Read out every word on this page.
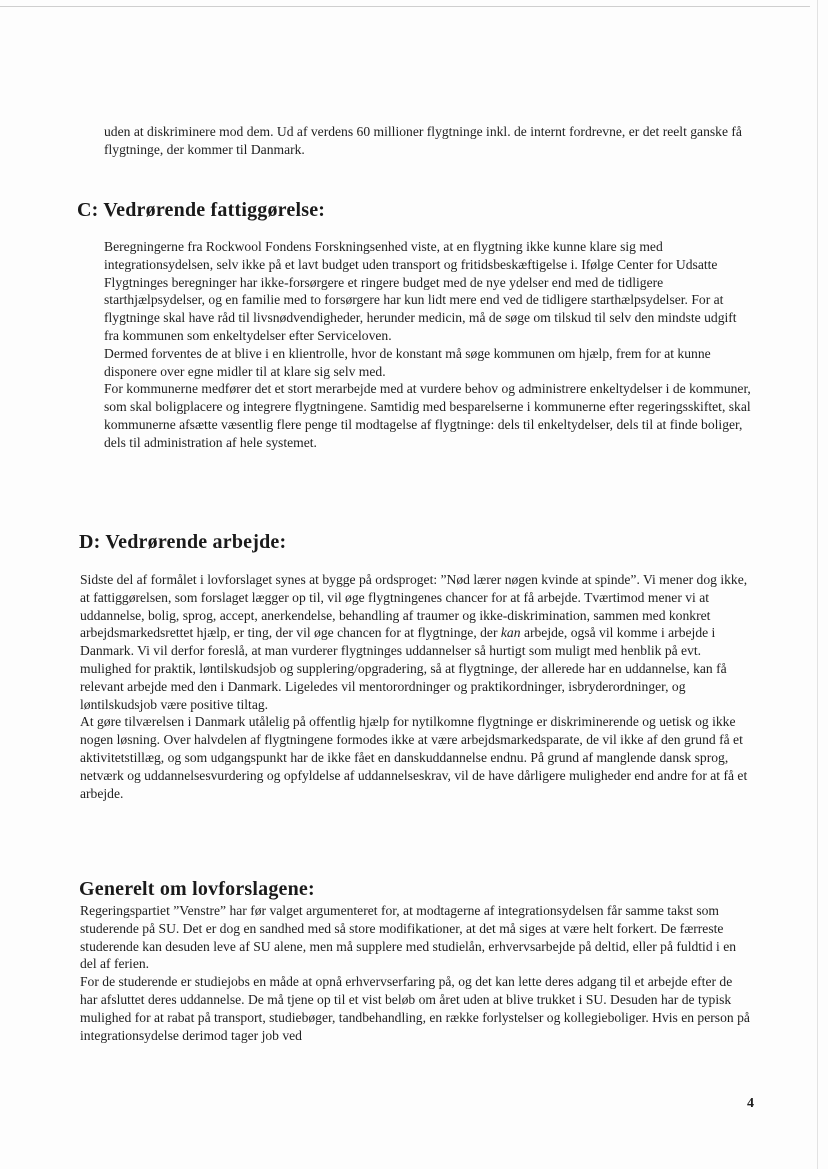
uden at diskriminere mod dem. Ud af verdens 60 millioner flygtninge inkl. de internt fordrevne, er det reelt ganske få flygtninge, der kommer til Danmark.

C: Vedrørende fattiggørelse:

Beregningerne fra Rockwool Fondens Forskningsenhed viste, at en flygtning ikke kunne klare sig med integrationsydelsen, selv ikke på et lavt budget uden transport og fritidsbeskæftigelse i. Ifølge Center for Udsatte Flygtninges beregninger har ikke-forsørgere et ringere budget med de nye ydelser end med de tidligere starthjælpsydelser, og en familie med to forsørgere har kun lidt mere end ved de tidligere starthælpsydelser. For at flygtninge skal have råd til livsnødvendigheder, herunder medicin, må de søge om tilskud til selv den mindste udgift fra kommunen som enkeltydelser efter Serviceloven.

Dermed forventes de at blive i en klientrolle, hvor de konstant må søge kommunen om hjælp, frem for at kunne disponere over egne midler til at klare sig selv med.

For kommunerne medfører det et stort merarbejde med at vurdere behov og administrere enkeltydelser i de kommuner, som skal boligplacere og integrere flygtningene. Samtidig med besparelserne i kommunerne efter regeringsskiftet, skal kommunerne afsætte væsentlig flere penge til modtagelse af flygtninge: dels til enkeltydelser, dels til at finde boliger, dels til administration af hele systemet.

D: Vedrørende arbejde:

Sidste del af formålet i lovforslaget synes at bygge på ordsproget: ”Nød lærer nøgen kvinde at spinde”. Vi mener dog ikke, at fattiggørelsen, som forslaget lægger op til, vil øge flygtningenes chancer for at få arbejde. Tværtimod mener vi at uddannelse, bolig, sprog, accept, anerkendelse, behandling af traumer og ikke-diskrimination, sammen med konkret arbejdsmarkedsrettet hjælp, er ting, der vil øge chancen for at flygtninge, der kan arbejde, også vil komme i arbejde i Danmark. Vi vil derfor foreslå, at man vurderer flygtninges uddannelser så hurtigt som muligt med henblik på evt. mulighed for praktik, løntilskudsjob og supplering/opgradering, så at flygtninge, der allerede har en uddannelse, kan få relevant arbejde med den i Danmark. Ligeledes vil mentorordninger og praktikordninger, isbryderordninger, og løntilskudsjob være positive tiltag.

At gøre tilværelsen i Danmark utålelig på offentlig hjælp for nytilkomne flygtninge er diskriminerende og uetisk og ikke nogen løsning. Over halvdelen af flygtningene formodes ikke at være arbejdsmarkedsparate, de vil ikke af den grund få et aktivitetstillæg, og som udgangspunkt har de ikke fået en danskuddannelse endnu. På grund af manglende dansk sprog, netværk og uddannelsesvurdering og opfyldelse af uddannelseskrav, vil de have dårligere muligheder end andre for at få et arbejde.

Generelt om lovforslagene:

Regeringspartiet ”Venstre” har før valget argumenteret for, at modtagerne af integrationsydelsen får samme takst som studerende på SU. Det er dog en sandhed med så store modifikationer, at det må siges at være helt forkert. De færreste studerende kan desuden leve af SU alene, men må supplere med studielån, erhvervsarbejde på deltid, eller på fuldtid i en del af ferien.

For de studerende er studiejobs en måde at opnå erhvervserfaring på, og det kan lette deres adgang til et arbejde efter de har afsluttet deres uddannelse. De må tjene op til et vist beløb om året uden at blive trukket i SU. Desuden har de typisk mulighed for at rabat på transport, studiebøger, tandbehandling, en række forlystelser og kollegieboliger. Hvis en person på integrationsydelse derimod tager job ved

4
